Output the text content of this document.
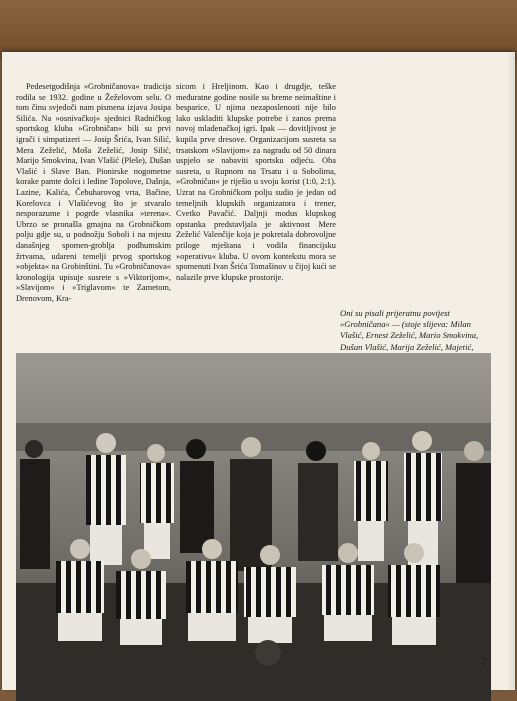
Pedesetgodišnja »Grobničanova« tradicija rodila se 1932. godine u Žeželovom selu. O tom činu svjedoči nam pismena izjava Josipa Silića. Na »osnivačkoj« sjednici Radničkog sportskog kluba »Grobničan« bili su prvi igrači i simpatizeri — Josip Šrića, Ivan Silić, Mera Zeželić, Moša Zeželić, Josip Silić, Marijo Smokvina, Ivan Vlašić (Pleše), Dušan Vlašić i Slave Ban. Pionirske nogometne korake pamte dolci i ledine Topolove, Dašnja, Lazine, Kalića, Čebuharovog vrta, Bačine, Korelovca i Vlašićevog što je stvaralo nesporazume i pogrde vlasnika »terena«. Ubrzo se pronašla gmajna na Grobničkom polju gdje su, u podnožju Soboli i na mjestu današnjeg spomen-groblja podhumskim žrtvama, udareni temelji prvog sportskog »objekta« na Grobinštini. Tu »Grobničanova« kronologija upisuje susrete s »Viktorijom«, »Slavijom« i »Triglavom« te Zametom, Drenovom, Kra-
sicom i Hreljinom. Kao i drugdje, teške međuratne godine nosile su breme neimaštine i besparice. U njima nezaposlenosti nije bilo lako uskladiti klupske potrebe i zanos prema novoj mladenačkoj igri. Ipak — dovitljivost je kupila prve dresove. Organizacijom susreta sa trsatskom »Slavijom« za nagradu od 50 dinara uspjelo se nabaviti sportsku odjeću. Oba susreta, u Rupnom na Trsatu i u Sobolima, »Grobničan« je riješio u svoju korist (1:0, 2:1). Uzrat na Grobničkom polju sudio je jedan od temeljnih klupskih organizatora i trener, Cvetko Pavačić. Daljnji modus klupskog opstanka predstavljala je aktivnost Mere Zeželić Valenčije koja je pokretala dobrovoljne priloge mještana i vodila financijsku »operativu« kluba. U ovom kontekstu mora se spomenuti Ivan Šrića Tomašinov u čijoj kući se nalazile prve klupske prostorije.
Oni su pisali prijeratnu povijest »Grobničana« — (stoje slijeva: Milan Vlašić, Ernest Zeželić, Mario Smokvina, Dušan Vlašić, Marija Zeželić, Majetić,
7
